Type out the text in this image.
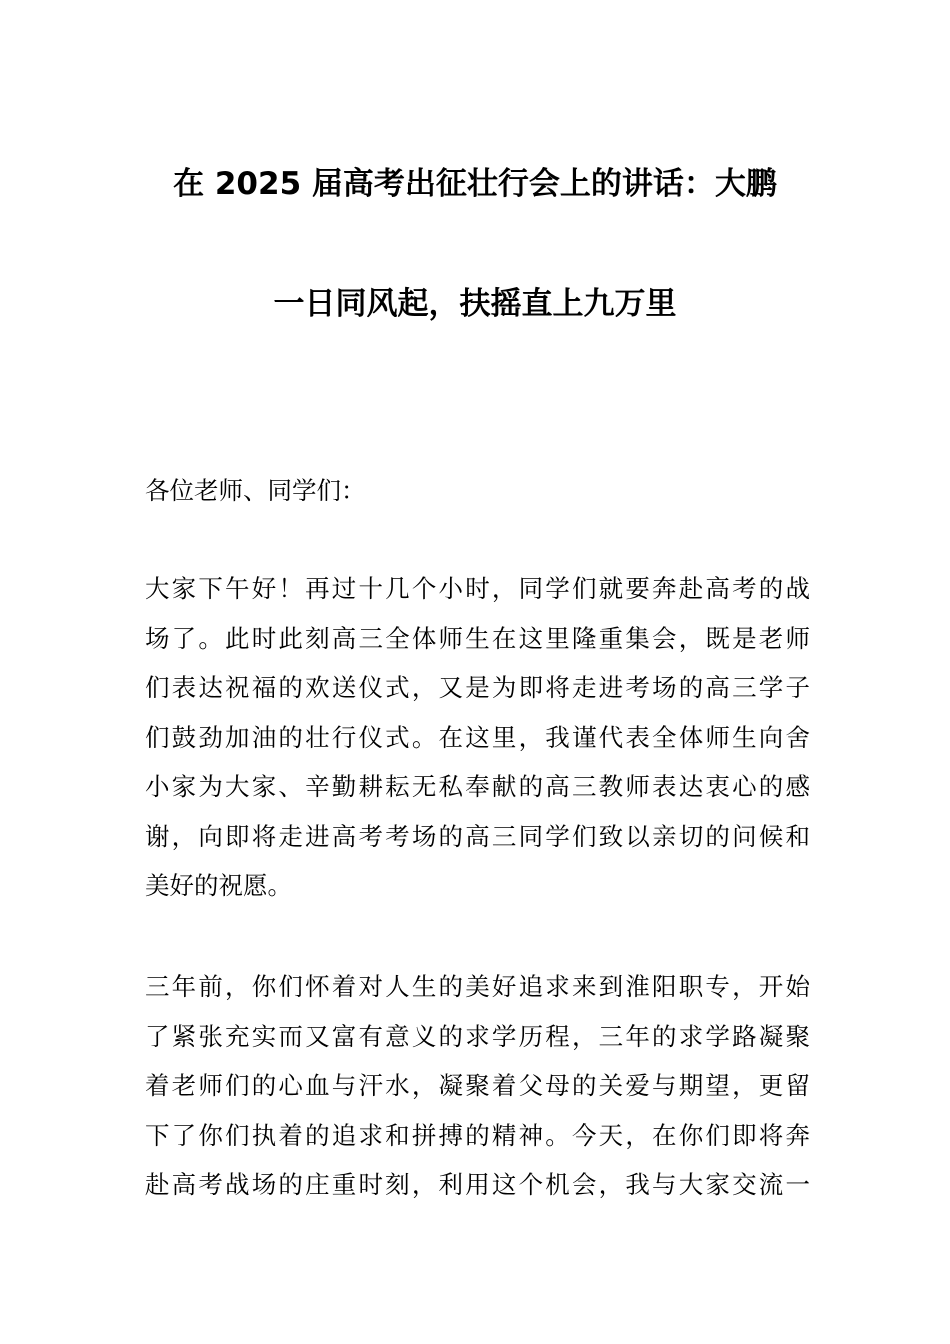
在 2025 届高考出征壮行会上的讲话：大鹏
一日同风起，扶摇直上九万里
各位老师、同学们：
大家下午好！再过十几个小时，同学们就要奔赴高考的战
场了。此时此刻高三全体师生在这里隆重集会，既是老师
们表达祝福的欢送仪式，又是为即将走进考场的高三学子
们鼓劲加油的壮行仪式。在这里，我谨代表全体师生向舍
小家为大家、辛勤耕耘无私奉献的高三教师表达衷心的感
谢，向即将走进高考考场的高三同学们致以亲切的问候和
美好的祝愿。
三年前，你们怀着对人生的美好追求来到淮阳职专，开始
了紧张充实而又富有意义的求学历程，三年的求学路凝聚
着老师们的心血与汗水，凝聚着父母的关爱与期望，更留
下了你们执着的追求和拼搏的精神。今天，在你们即将奔
赴高考战场的庄重时刻，利用这个机会，我与大家交流一
